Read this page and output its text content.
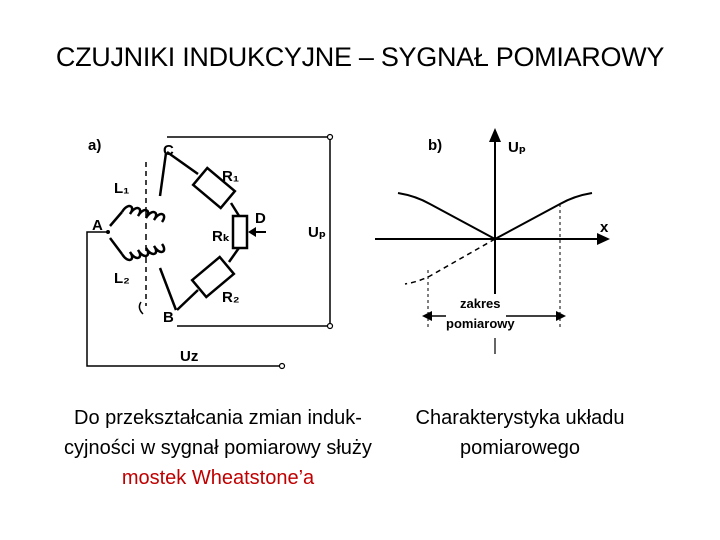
CZUJNIKI INDUKCYJNE – SYGNAŁ POMIAROWY
a)	C
A
B
D
L₁
L₂
R₁
R₂
Rₖ	Uₚ
Uz
b)	Uₚ
x
zakres
pomiarowy
Do przekształcania zmian induk-
cyjności w sygnał pomiarowy służy
mostek Wheatstone’a
Charakterystyka układu
pomiarowego
